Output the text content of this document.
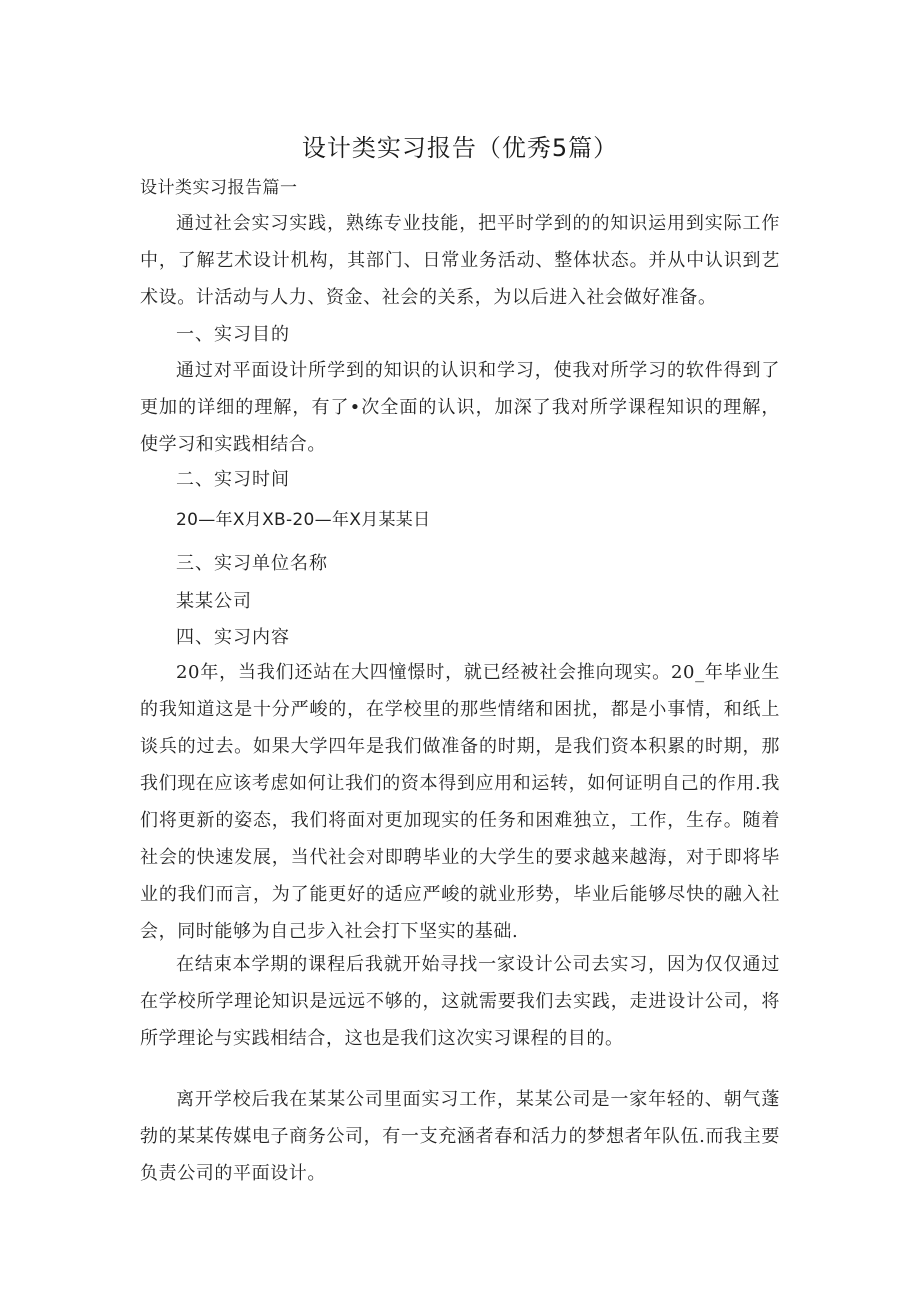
设计类实习报告（优秀5篇）
设计类实习报告篇一
通过社会实习实践，熟练专业技能，把平时学到的的知识运用到实际工作中，了解艺术设计机构，其部门、日常业务活动、整体状态。并从中认识到艺术设。计活动与人力、资金、社会的关系，为以后进入社会做好准备。
一、实习目的
通过对平面设计所学到的知识的认识和学习，使我对所学习的软件得到了更加的详细的理解，有了•次全面的认识，加深了我对所学课程知识的理解，使学习和实践相结合。
二、实习时间
20—年X月XB-20—年X月某某日
三、实习单位名称
某某公司
四、实习内容
20年，当我们还站在大四憧憬时，就已经被社会推向现实。20_年毕业生的我知道这是十分严峻的，在学校里的那些情绪和困扰，都是小事情，和纸上谈兵的过去。如果大学四年是我们做准备的时期，是我们资本积累的时期，那我们现在应该考虑如何让我们的资本得到应用和运转，如何证明自己的作用.我们将更新的姿态，我们将面对更加现实的任务和困难独立，工作，生存。随着社会的快速发展，当代社会对即聘毕业的大学生的要求越来越海，对于即将毕业的我们而言，为了能更好的适应严峻的就业形势，毕业后能够尽快的融入社会，同时能够为自己步入社会打下坚实的基础.
在结束本学期的课程后我就开始寻找一家设计公司去实习，因为仅仅通过在学校所学理论知识是远远不够的，这就需要我们去实践，走进设计公司，将所学理论与实践相结合，这也是我们这次实习课程的目的。
离开学校后我在某某公司里面实习工作，某某公司是一家年轻的、朝气蓬勃的某某传媒电子商务公司，有一支充涵者春和活力的梦想者年队伍.而我主要负责公司的平面设计。
